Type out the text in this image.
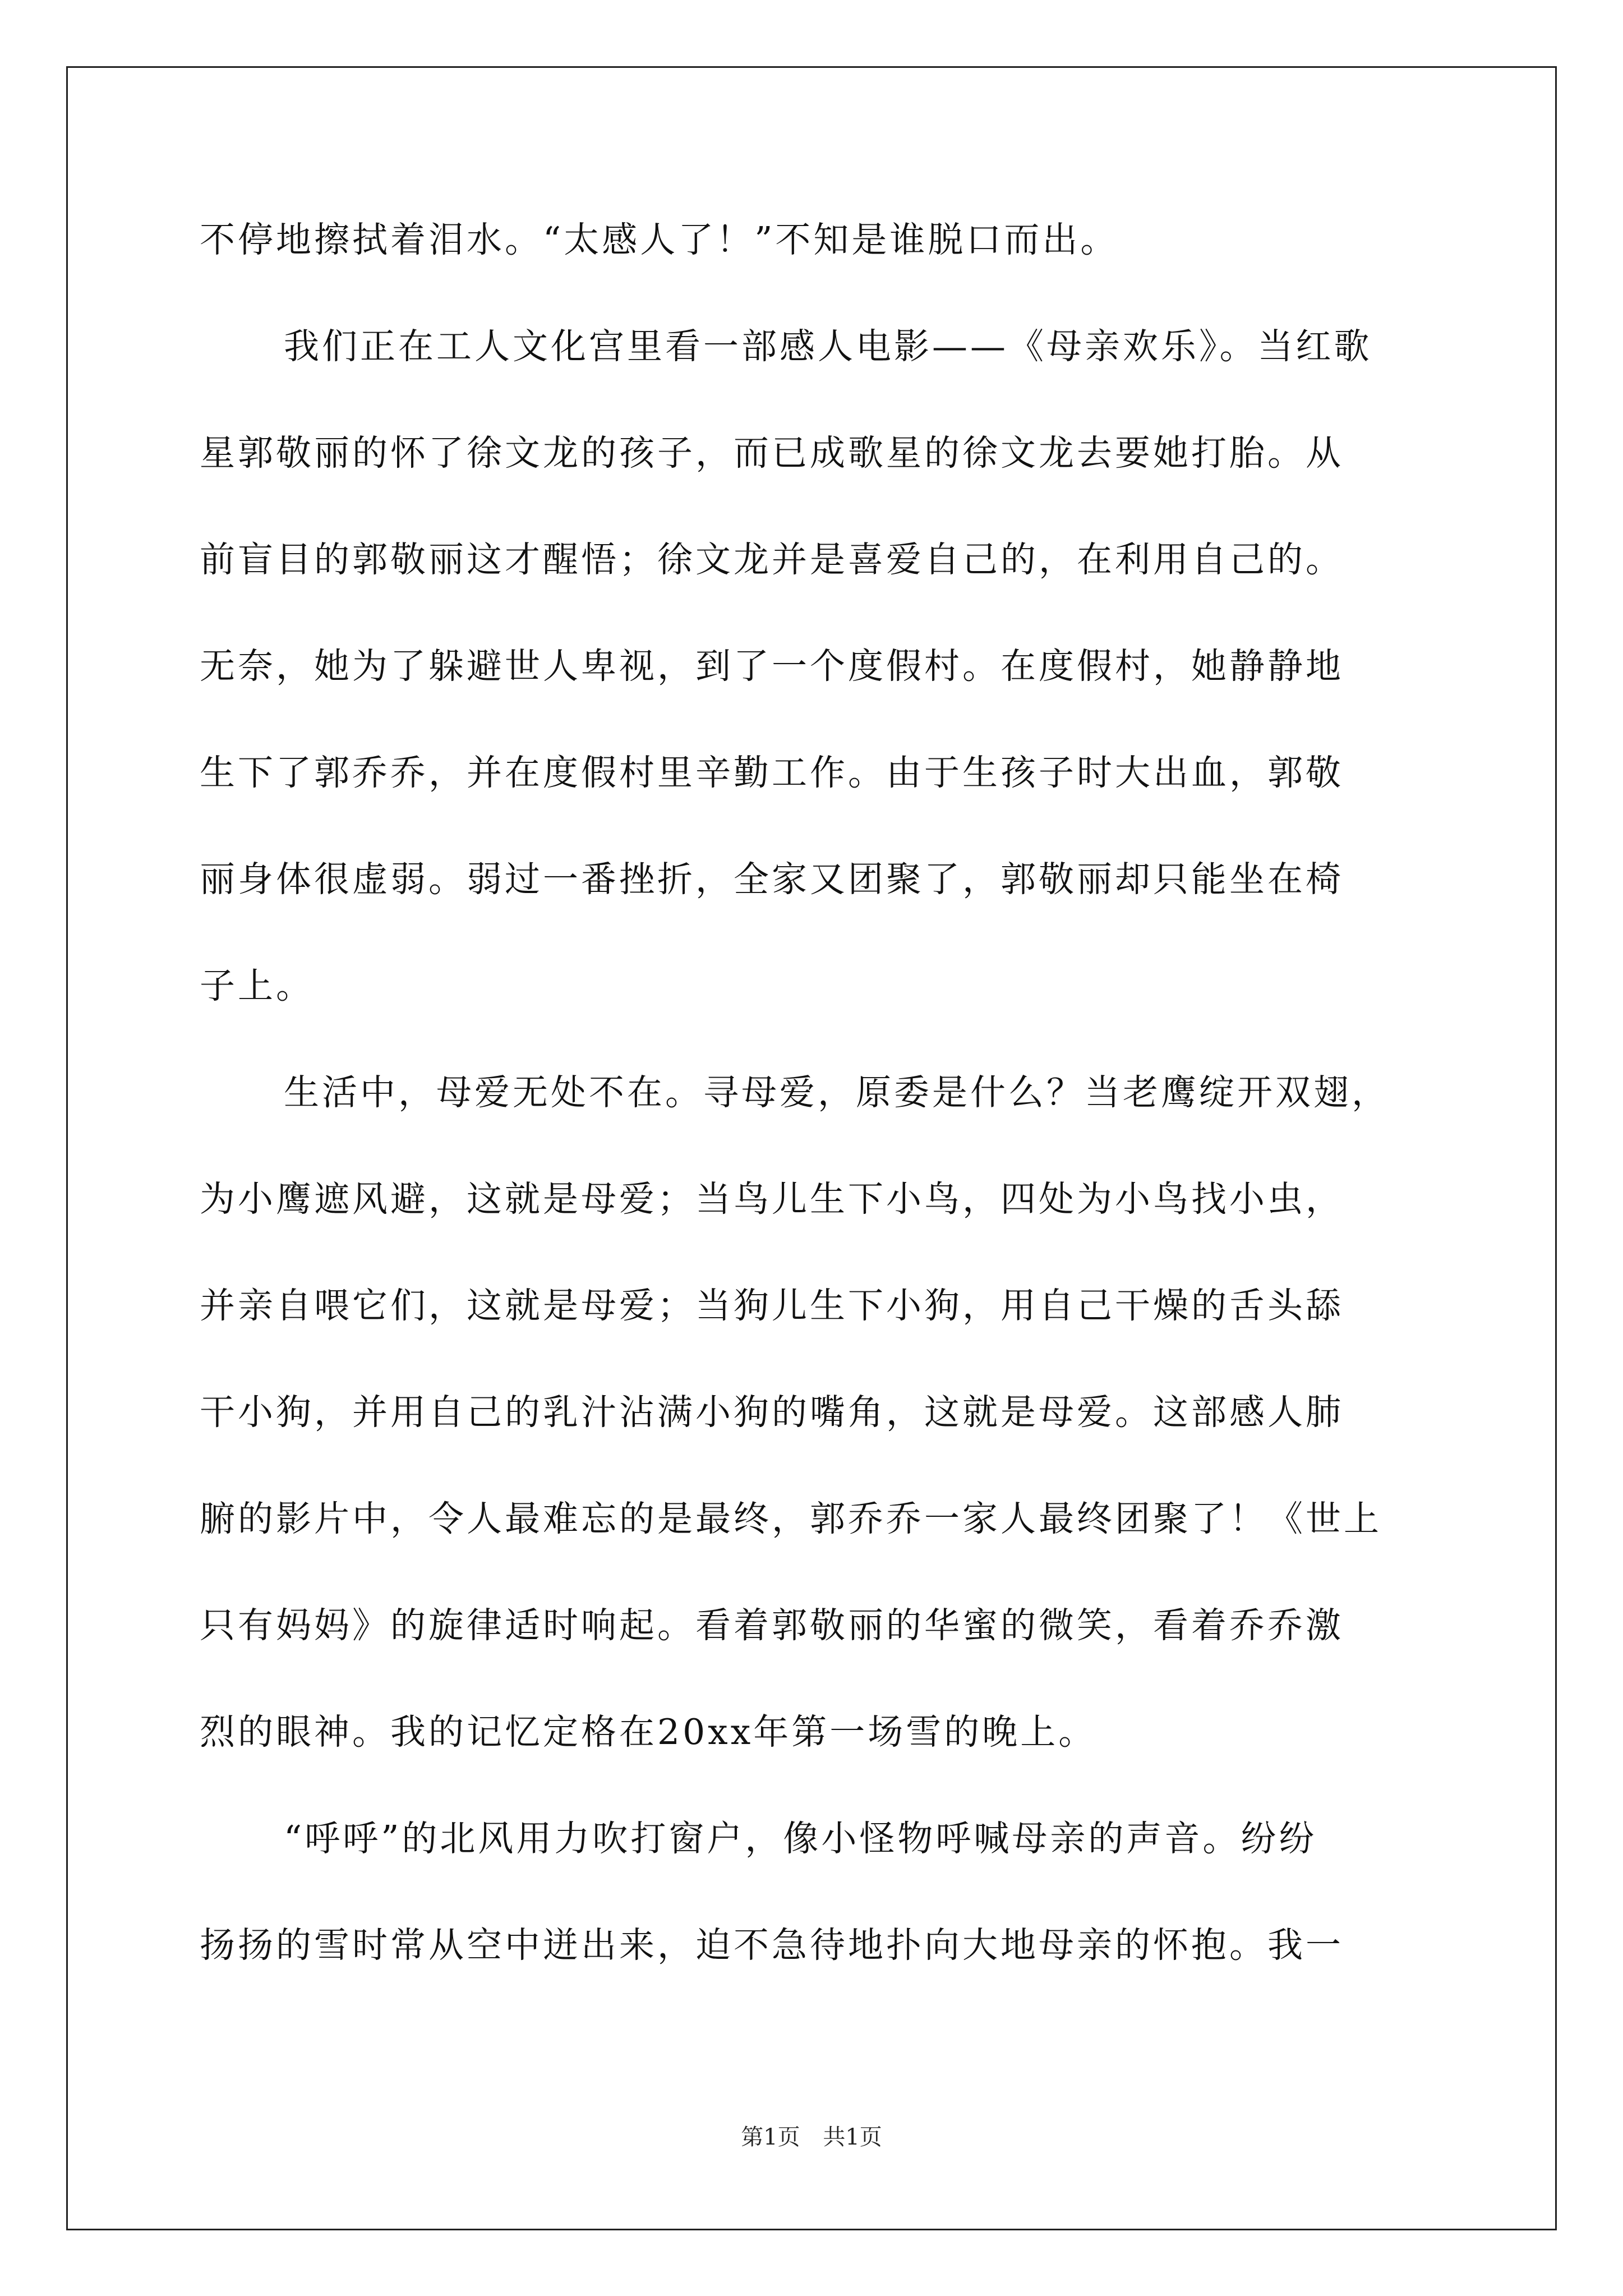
不停地擦拭着泪水。“太感人了！”不知是谁脱口而出。
我们正在工人文化宫里看一部感人电影——《母亲欢乐》。当红歌
星郭敬丽的怀了徐文龙的孩子，而已成歌星的徐文龙去要她打胎。从
前盲目的郭敬丽这才醒悟；徐文龙并是喜爱自己的，在利用自己的。
无奈，她为了躲避世人卑视，到了一个度假村。在度假村，她静静地
生下了郭乔乔，并在度假村里辛勤工作。由于生孩子时大出血，郭敬
丽身体很虚弱。弱过一番挫折，全家又团聚了，郭敬丽却只能坐在椅
子上。
生活中，母爱无处不在。寻母爱，原委是什么？当老鹰绽开双翅，
为小鹰遮风避，这就是母爱；当鸟儿生下小鸟，四处为小鸟找小虫，
并亲自喂它们，这就是母爱；当狗儿生下小狗，用自己干燥的舌头舔
干小狗，并用自己的乳汁沾满小狗的嘴角，这就是母爱。这部感人肺
腑的影片中，令人最难忘的是最终，郭乔乔一家人最终团聚了！《世上
只有妈妈》的旋律适时响起。看着郭敬丽的华蜜的微笑，看着乔乔激
烈的眼神。我的记忆定格在20xx年第一场雪的晚上。
“呼呼”的北风用力吹打窗户，像小怪物呼喊母亲的声音。纷纷
扬扬的雪时常从空中迸出来，迫不急待地扑向大地母亲的怀抱。我一
第1页 共1页
